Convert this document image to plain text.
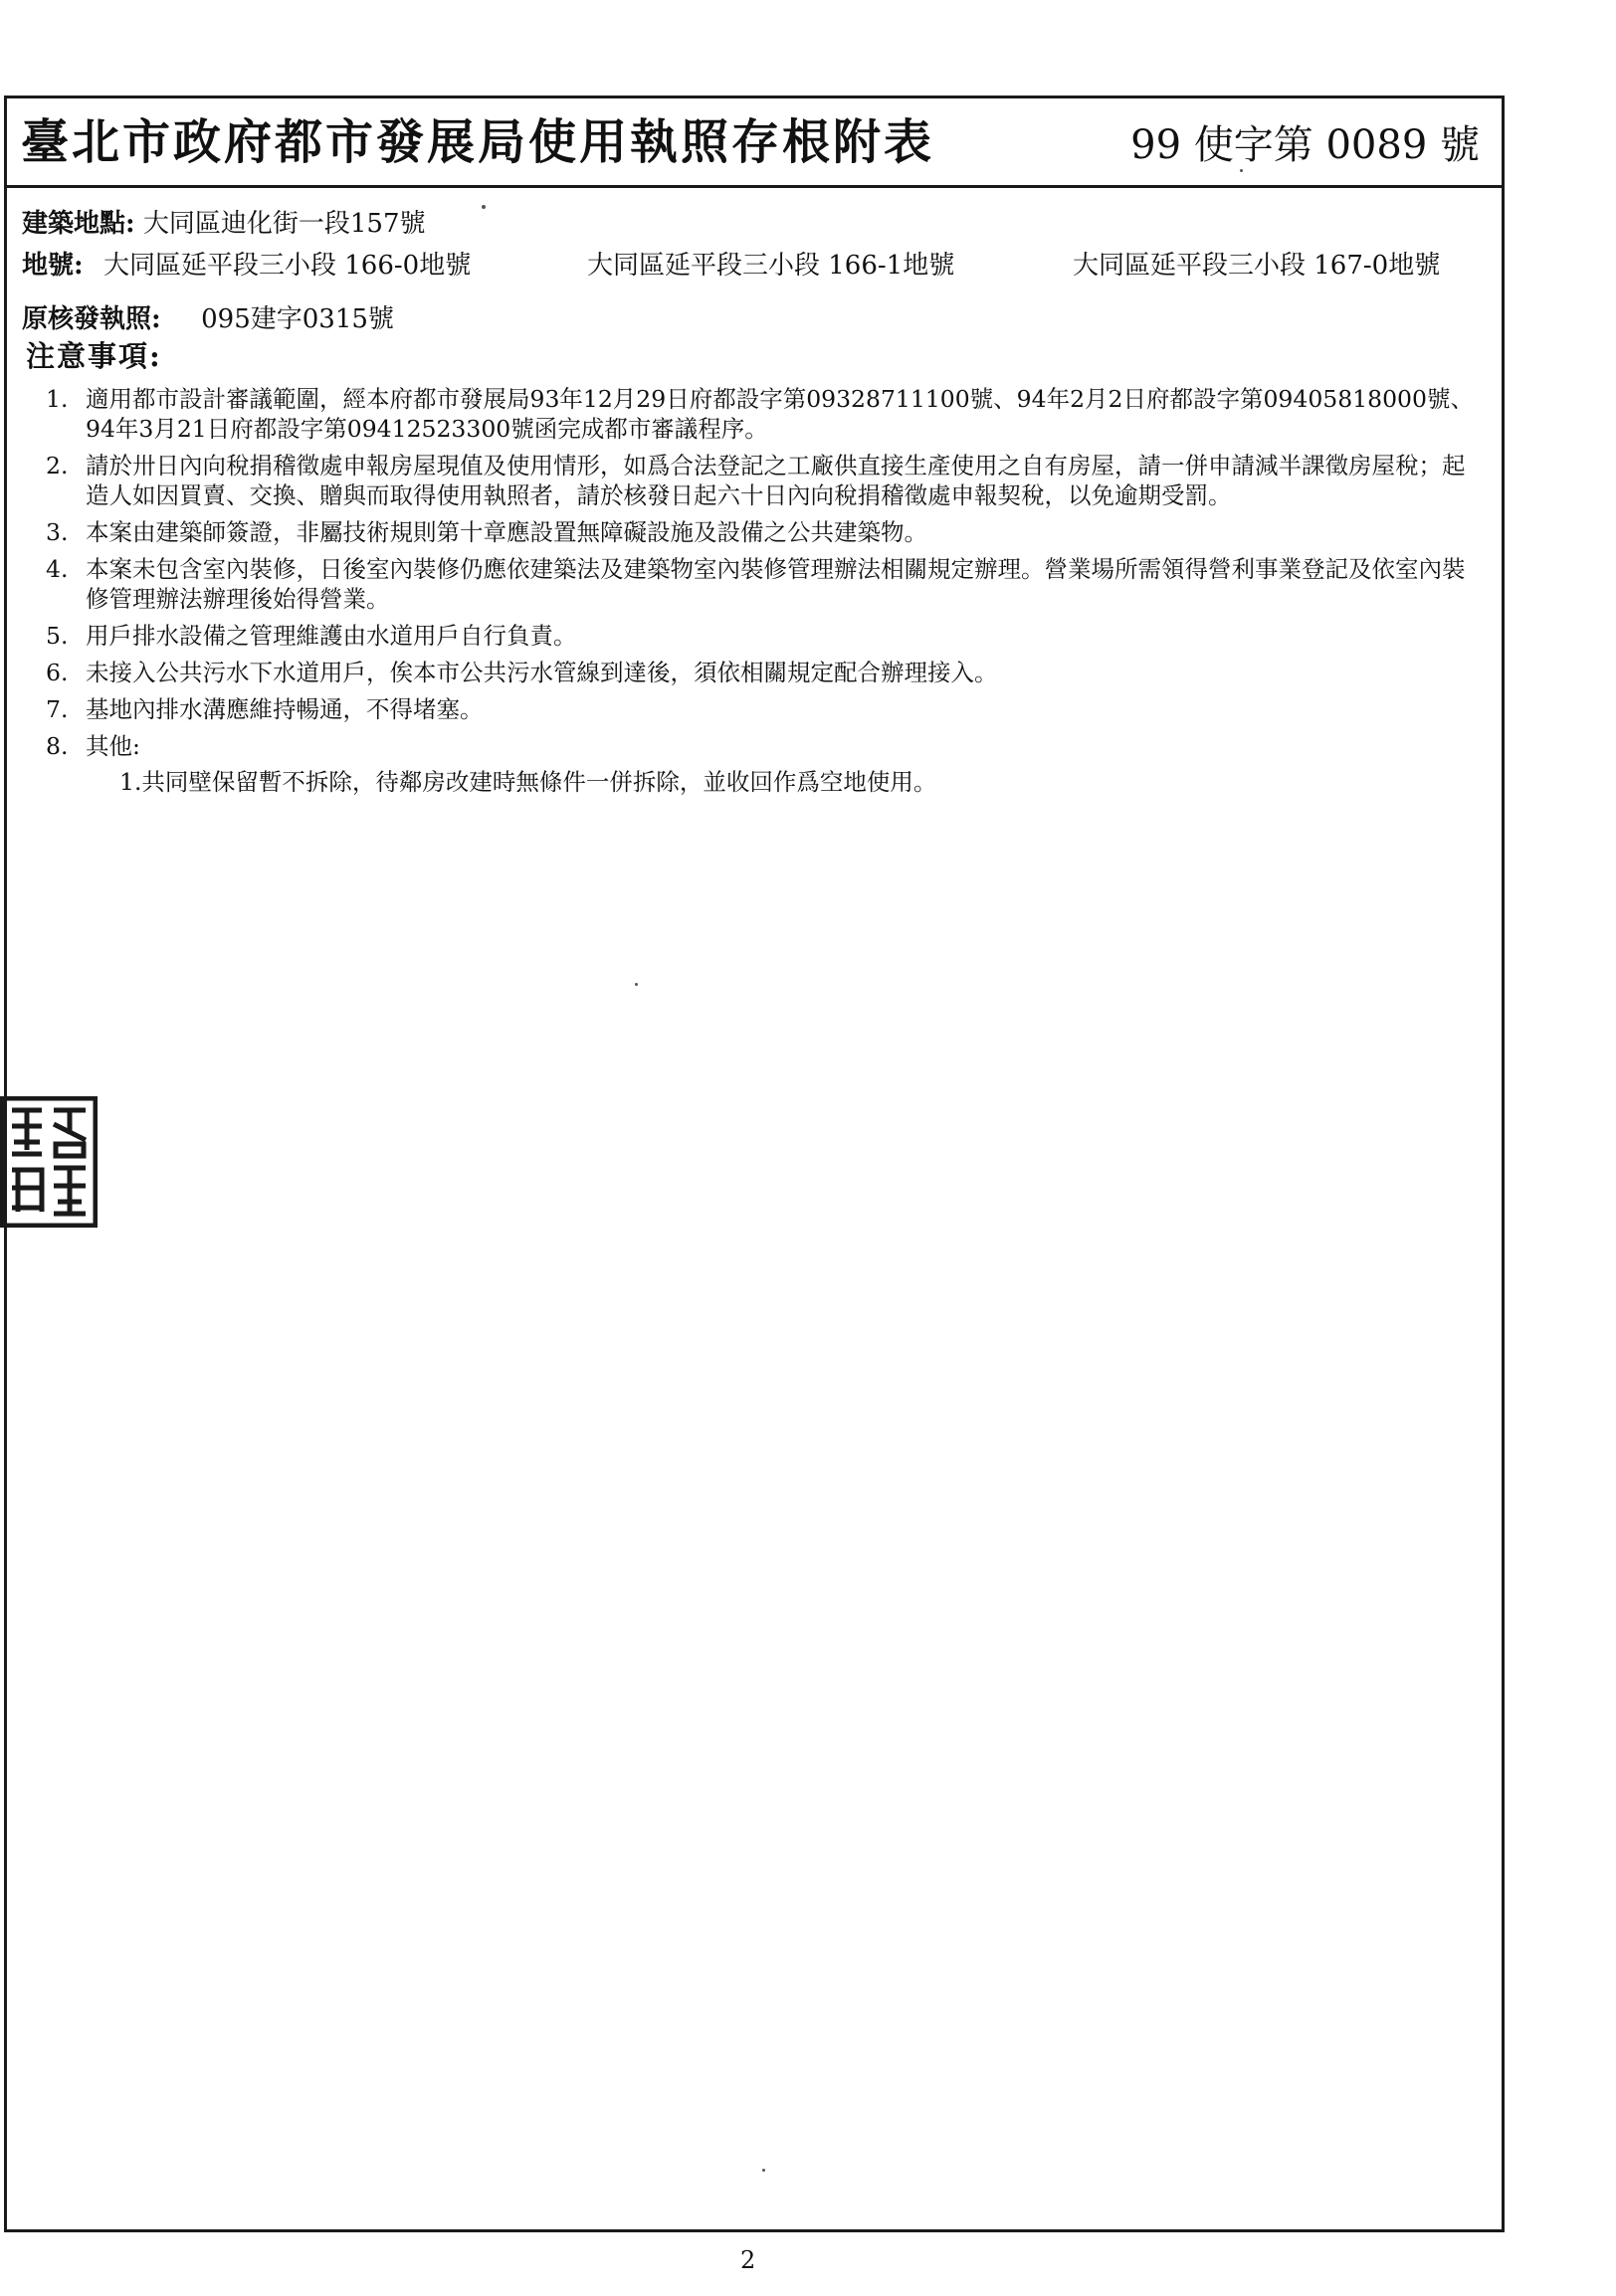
臺北市政府都市發展局使用執照存根附表	99 使字第 0089 號
建築地點: 大同區迪化街一段157號
地號: 大同區延平段三小段 166-0地號	大同區延平段三小段 166-1地號	大同區延平段三小段 167-0地號
原核發執照: 095建字0315號
注意事項:
1. 適用都市設計審議範圍，經本府都市發展局93年12月29日府都設字第09328711100號、94年2月2日府都設字第09405818000號、94年3月21日府都設字第09412523300號函完成都市審議程序。
2. 請於卅日內向稅捐稽徵處申報房屋現值及使用情形，如爲合法登記之工廠供直接生產使用之自有房屋，請一併申請減半課徵房屋稅；起造人如因買賣、交換、贈與而取得使用執照者，請於核發日起六十日內向稅捐稽徵處申報契稅，以免逾期受罰。
3. 本案由建築師簽證，非屬技術規則第十章應設置無障礙設施及設備之公共建築物。
4. 本案未包含室內裝修，日後室內裝修仍應依建築法及建築物室內裝修管理辦法相關規定辦理。營業場所需領得營利事業登記及依室內裝修管理辦法辦理後始得營業。
5. 用戶排水設備之管理維護由水道用戶自行負責。
6. 未接入公共污水下水道用戶，俟本市公共污水管線到達後，須依相關規定配合辦理接入。
7. 基地內排水溝應維持暢通，不得堵塞。
8. 其他:
1.共同壁保留暫不拆除，待鄰房改建時無條件一併拆除，並收回作爲空地使用。
2
